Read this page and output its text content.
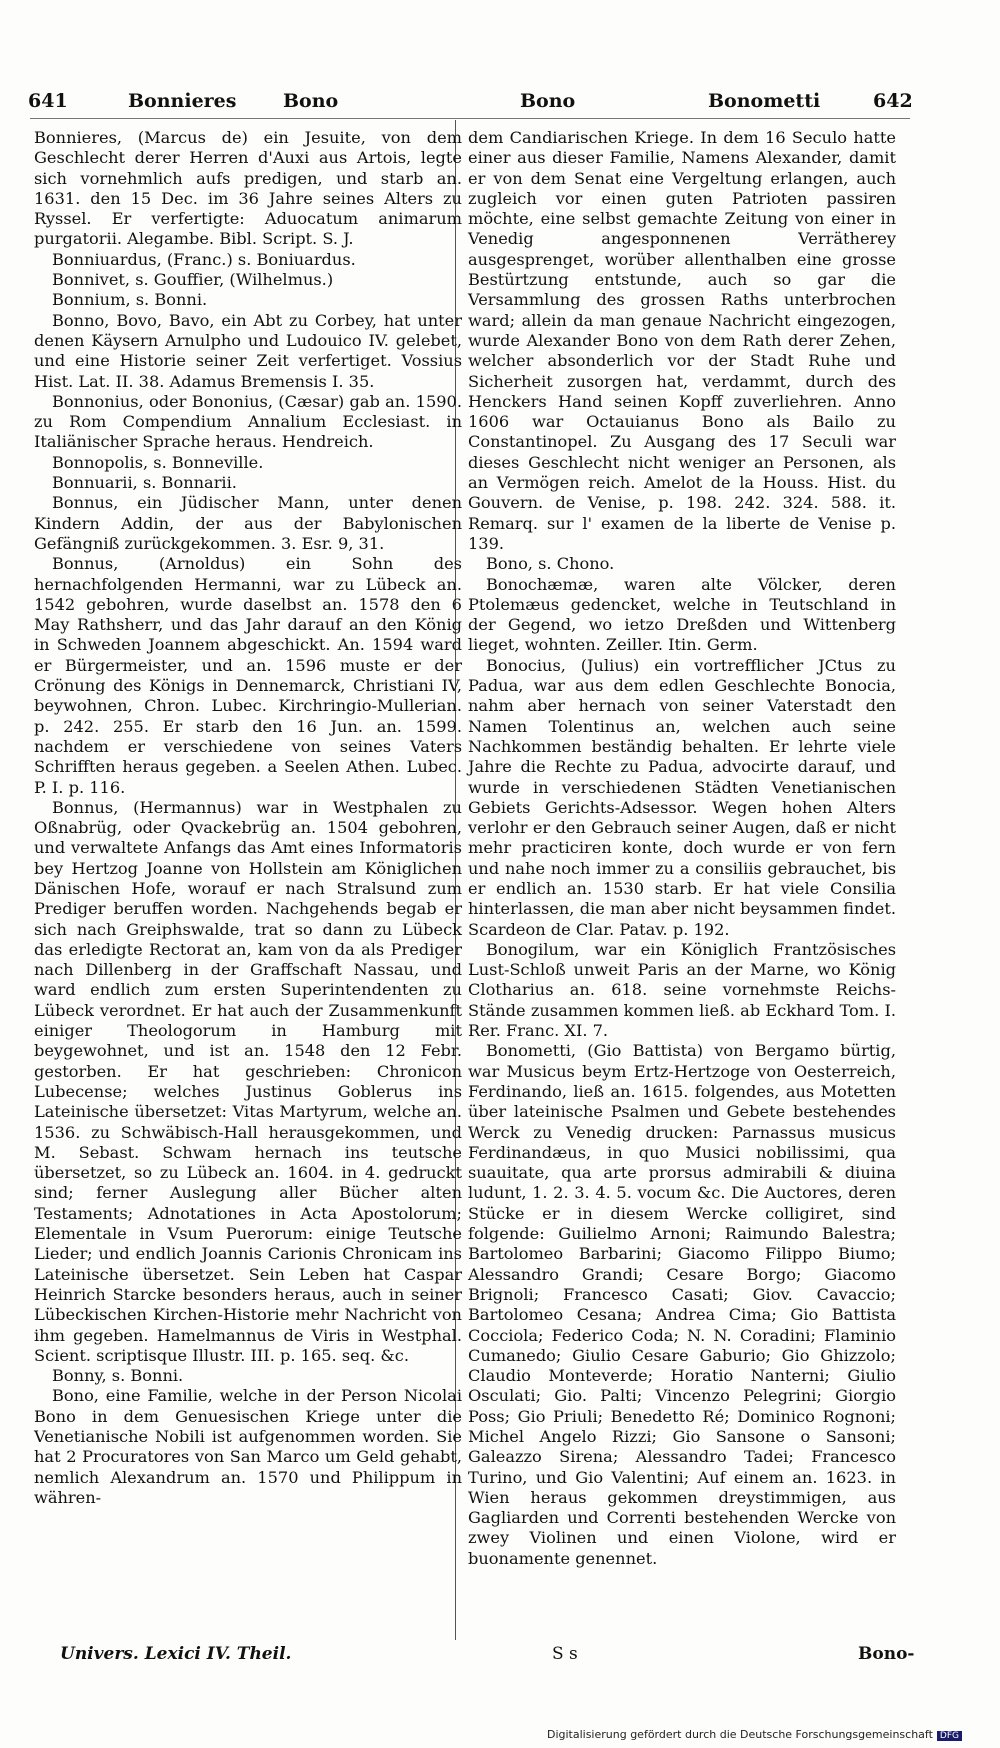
641	Bonnieres Bono	Bono	Bonometti	642

Bonnieres, (Marcus de) ein Jesuite, von dem Geschlecht derer Herren d'Auxi aus Artois, legte sich vornehmlich aufs predigen, und starb an. 1631. den 15 Dec. im 36 Jahre seines Alters zu Ryssel. Er verfertigte: Aduocatum animarum purgatorii. Alegambe. Bibl. Script. S. J.

Bonniuardus, (Franc.) s. Boniuardus.

Bonnivet, s. Gouffier, (Wilhelmus.)

Bonnium, s. Bonni.

Bonno, Bovo, Bavo, ein Abt zu Corbey, hat unter denen Käysern Arnulpho und Ludouico IV. gelebet, und eine Historie seiner Zeit verfertiget. Vossius Hist. Lat. II. 38. Adamus Bremensis I. 35.

Bonnonius, oder Bononius, (Cæsar) gab an. 1590. zu Rom Compendium Annalium Ecclesiast. in Italiänischer Sprache heraus. Hendreich.

Bonnopolis, s. Bonneville.

Bonnuarii, s. Bonnarii.

Bonnus, ein Jüdischer Mann, unter denen Kindern Addin, der aus der Babylonischen Gefängniß zurückgekommen. 3. Esr. 9, 31.

Bonnus, (Arnoldus) ein Sohn des hernachfolgenden Hermanni, war zu Lübeck an. 1542 gebohren, wurde daselbst an. 1578 den 6 May Rathsherr, und das Jahr darauf an den König in Schweden Joannem abgeschickt. An. 1594 ward er Bürgermeister, und an. 1596 muste er der Crönung des Königs in Dennemarck, Christiani IV, beywohnen, Chron. Lubec. Kirchringio-Mullerian. p. 242. 255. Er starb den 16 Jun. an. 1599. nachdem er verschiedene von seines Vaters Schrifften heraus gegeben. a Seelen Athen. Lubec. P. I. p. 116.

Bonnus, (Hermannus) war in Westphalen zu Oßnabrüg, oder Qvackebrüg an. 1504 gebohren, und verwaltete Anfangs das Amt eines Informatoris bey Hertzog Joanne von Hollstein am Königlichen Dänischen Hofe, worauf er nach Stralsund zum Prediger beruffen worden. Nachgehends begab er sich nach Greiphswalde, trat so dann zu Lübeck das erledigte Rectorat an, kam von da als Prediger nach Dillenberg in der Graffschaft Nassau, und ward endlich zum ersten Superintendenten zu Lübeck verordnet. Er hat auch der Zusammenkunft einiger Theologorum in Hamburg mit beygewohnet, und ist an. 1548 den 12 Febr. gestorben. Er hat geschrieben: Chronicon Lubecense; welches Justinus Goblerus ins Lateinische übersetzet: Vitas Martyrum, welche an. 1536. zu Schwäbisch-Hall herausgekommen, und M. Sebast. Schwam hernach ins teutsche übersetzet, so zu Lübeck an. 1604. in 4. gedruckt sind; ferner Auslegung aller Bücher alten Testaments; Adnotationes in Acta Apostolorum; Elementale in Vsum Puerorum: einige Teutsche Lieder; und endlich Joannis Carionis Chronicam ins Lateinische übersetzet. Sein Leben hat Caspar Heinrich Starcke besonders heraus, auch in seiner Lübeckischen Kirchen-Historie mehr Nachricht von ihm gegeben. Hamelmannus de Viris in Westphal. Scient. scriptisque Illustr. III. p. 165. seq. &c.

Bonny, s. Bonni.

Bono, eine Familie, welche in der Person Nicolai Bono in dem Genuesischen Kriege unter die Venetianische Nobili ist aufgenommen worden. Sie hat 2 Procuratores von San Marco um Geld gehabt, nemlich Alexandrum an. 1570 und Philippum in währen-

dem Candiarischen Kriege. In dem 16 Seculo hatte einer aus dieser Familie, Namens Alexander, damit er von dem Senat eine Vergeltung erlangen, auch zugleich vor einen guten Patrioten passiren möchte, eine selbst gemachte Zeitung von einer in Venedig angesponnenen Verrätherey ausgesprenget, worüber allenthalben eine grosse Bestürtzung entstunde, auch so gar die Versammlung des grossen Raths unterbrochen ward; allein da man genaue Nachricht eingezogen, wurde Alexander Bono von dem Rath derer Zehen, welcher absonderlich vor der Stadt Ruhe und Sicherheit zusorgen hat, verdammt, durch des Henckers Hand seinen Kopff zuverliehren. Anno 1606 war Octauianus Bono als Bailo zu Constantinopel. Zu Ausgang des 17 Seculi war dieses Geschlecht nicht weniger an Personen, als an Vermögen reich. Amelot de la Houss. Hist. du Gouvern. de Venise, p. 198. 242. 324. 588. it. Remarq. sur l' examen de la liberte de Venise p. 139.

Bono, s. Chono.

Bonochæmæ, waren alte Völcker, deren Ptolemæus gedencket, welche in Teutschland in der Gegend, wo ietzo Dreßden und Wittenberg lieget, wohnten. Zeiller. Itin. Germ.

Bonocius, (Julius) ein vortrefflicher JCtus zu Padua, war aus dem edlen Geschlechte Bonocia, nahm aber hernach von seiner Vaterstadt den Namen Tolentinus an, welchen auch seine Nachkommen beständig behalten. Er lehrte viele Jahre die Rechte zu Padua, advocirte darauf, und wurde in verschiedenen Städten Venetianischen Gebiets Gerichts-Adsessor. Wegen hohen Alters verlohr er den Gebrauch seiner Augen, daß er nicht mehr practiciren konte, doch wurde er von fern und nahe noch immer zu a consiliis gebrauchet, bis er endlich an. 1530 starb. Er hat viele Consilia hinterlassen, die man aber nicht beysammen findet. Scardeon de Clar. Patav. p. 192.

Bonogilum, war ein Königlich Frantzösisches Lust-Schloß unweit Paris an der Marne, wo König Clotharius an. 618. seine vornehmste Reichs-Stände zusammen kommen ließ. ab Eckhard Tom. I. Rer. Franc. XI. 7.

Bonometti, (Gio Battista) von Bergamo bürtig, war Musicus beym Ertz-Hertzoge von Oesterreich, Ferdinando, ließ an. 1615. folgendes, aus Motetten über lateinische Psalmen und Gebete bestehendes Werck zu Venedig drucken: Parnassus musicus Ferdinandæus, in quo Musici nobilissimi, qua suauitate, qua arte prorsus admirabili & diuina ludunt, 1. 2. 3. 4. 5. vocum &c. Die Auctores, deren Stücke er in diesem Wercke colligiret, sind folgende: Guilielmo Arnoni; Raimundo Balestra; Bartolomeo Barbarini; Giacomo Filippo Biumo; Alessandro Grandi; Cesare Borgo; Giacomo Brignoli; Francesco Casati; Giov. Cavaccio; Bartolomeo Cesana; Andrea Cima; Gio Battista Cocciola; Federico Coda; N. N. Coradini; Flaminio Cumanedo; Giulio Cesare Gaburio; Gio Ghizzolo; Claudio Monteverde; Horatio Nanterni; Giulio Osculati; Gio. Palti; Vincenzo Pelegrini; Giorgio Poss; Gio Priuli; Benedetto Ré; Dominico Rognoni; Michel Angelo Rizzi; Gio Sansone o Sansoni; Galeazzo Sirena; Alessandro Tadei; Francesco Turino, und Gio Valentini; Auf einem an. 1623. in Wien heraus gekommen dreystimmigen, aus Gagliarden und Correnti bestehenden Wercke von zwey Violinen und einen Violone, wird er buonamente genennet.

Univers. Lexici IV. Theil.	S s	Bono-
Digitalisierung gefördert durch die Deutsche Forschungsgemeinschaft DFG
